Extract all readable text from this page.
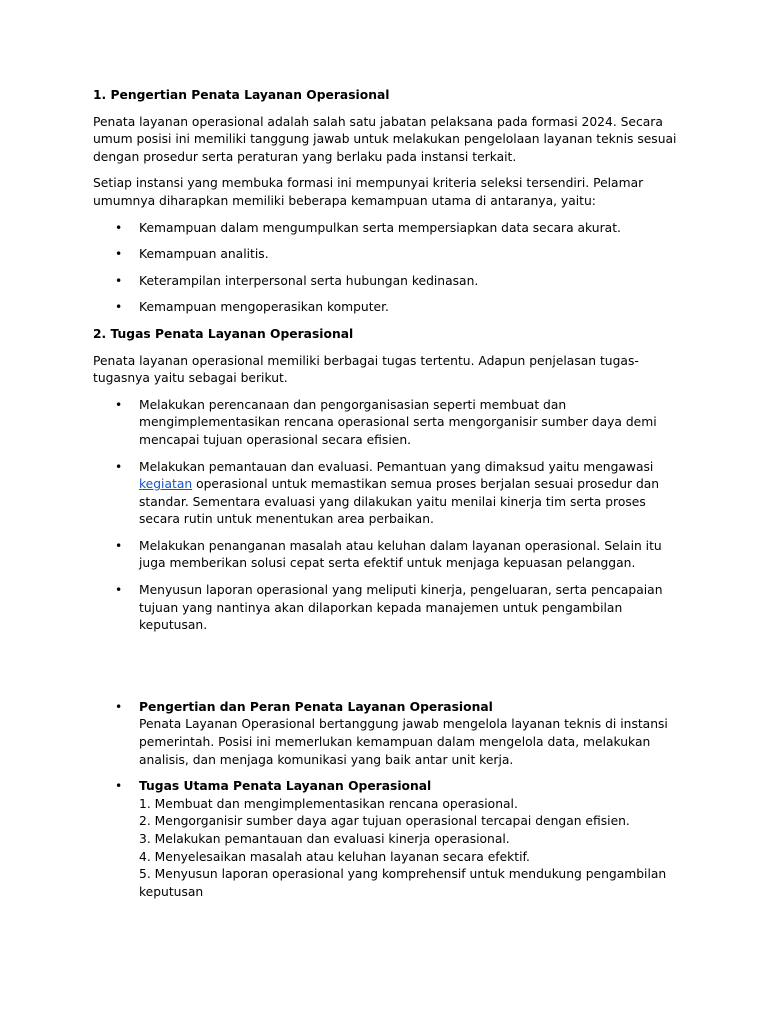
1. Pengertian Penata Layanan Operasional

Penata layanan operasional adalah salah satu jabatan pelaksana pada formasi 2024. Secara umum posisi ini memiliki tanggung jawab untuk melakukan pengelolaan layanan teknis sesuai dengan prosedur serta peraturan yang berlaku pada instansi terkait.

Setiap instansi yang membuka formasi ini mempunyai kriteria seleksi tersendiri. Pelamar umumnya diharapkan memiliki beberapa kemampuan utama di antaranya, yaitu:

• Kemampuan dalam mengumpulkan serta mempersiapkan data secara akurat.
• Kemampuan analitis.
• Keterampilan interpersonal serta hubungan kedinasan.
• Kemampuan mengoperasikan komputer.
2. Tugas Penata Layanan Operasional

Penata layanan operasional memiliki berbagai tugas tertentu. Adapun penjelasan tugas-tugasnya yaitu sebagai berikut.

• Melakukan perencanaan dan pengorganisasian seperti membuat dan mengimplementasikan rencana operasional serta mengorganisir sumber daya demi mencapai tujuan operasional secara efisien.
• Melakukan pemantauan dan evaluasi. Pemantuan yang dimaksud yaitu mengawasi kegiatan operasional untuk memastikan semua proses berjalan sesuai prosedur dan standar. Sementara evaluasi yang dilakukan yaitu menilai kinerja tim serta proses secara rutin untuk menentukan area perbaikan.
• Melakukan penanganan masalah atau keluhan dalam layanan operasional. Selain itu juga memberikan solusi cepat serta efektif untuk menjaga kepuasan pelanggan.
• Menyusun laporan operasional yang meliputi kinerja, pengeluaran, serta pencapaian tujuan yang nantinya akan dilaporkan kepada manajemen untuk pengambilan keputusan.
• Pengertian dan Peran Penata Layanan Operasional
Penata Layanan Operasional bertanggung jawab mengelola layanan teknis di instansi pemerintah. Posisi ini memerlukan kemampuan dalam mengelola data, melakukan analisis, dan menjaga komunikasi yang baik antar unit kerja.
• Tugas Utama Penata Layanan Operasional
1. Membuat dan mengimplementasikan rencana operasional.
2. Mengorganisir sumber daya agar tujuan operasional tercapai dengan efisien.
3. Melakukan pemantauan dan evaluasi kinerja operasional.
4. Menyelesaikan masalah atau keluhan layanan secara efektif.
5. Menyusun laporan operasional yang komprehensif untuk mendukung pengambilan keputusan
